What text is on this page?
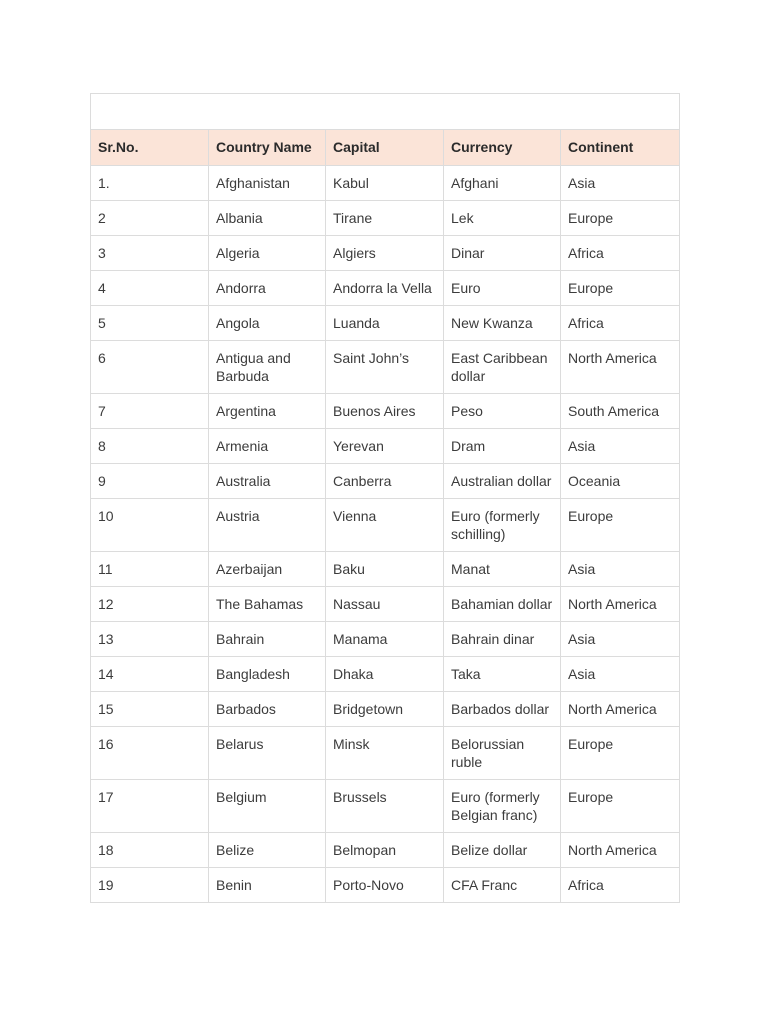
Sr.No.	Country Name	Capital	Currency	Continent
1.	Afghanistan	Kabul	Afghani	Asia
2	Albania	Tirane	Lek	Europe
3	Algeria	Algiers	Dinar	Africa
4	Andorra	Andorra la Vella	Euro	Europe
5	Angola	Luanda	New Kwanza	Africa
6	Antigua and Barbuda	Saint John’s	East Caribbean dollar	North America
7	Argentina	Buenos Aires	Peso	South America
8	Armenia	Yerevan	Dram	Asia
9	Australia	Canberra	Australian dollar	Oceania
10	Austria	Vienna	Euro (formerly schilling)	Europe
11	Azerbaijan	Baku	Manat	Asia
12	The Bahamas	Nassau	Bahamian dollar	North America
13	Bahrain	Manama	Bahrain dinar	Asia
14	Bangladesh	Dhaka	Taka	Asia
15	Barbados	Bridgetown	Barbados dollar	North America
16	Belarus	Minsk	Belorussian ruble	Europe
17	Belgium	Brussels	Euro (formerly Belgian franc)	Europe
18	Belize	Belmopan	Belize dollar	North America
19	Benin	Porto-Novo	CFA Franc	Africa
